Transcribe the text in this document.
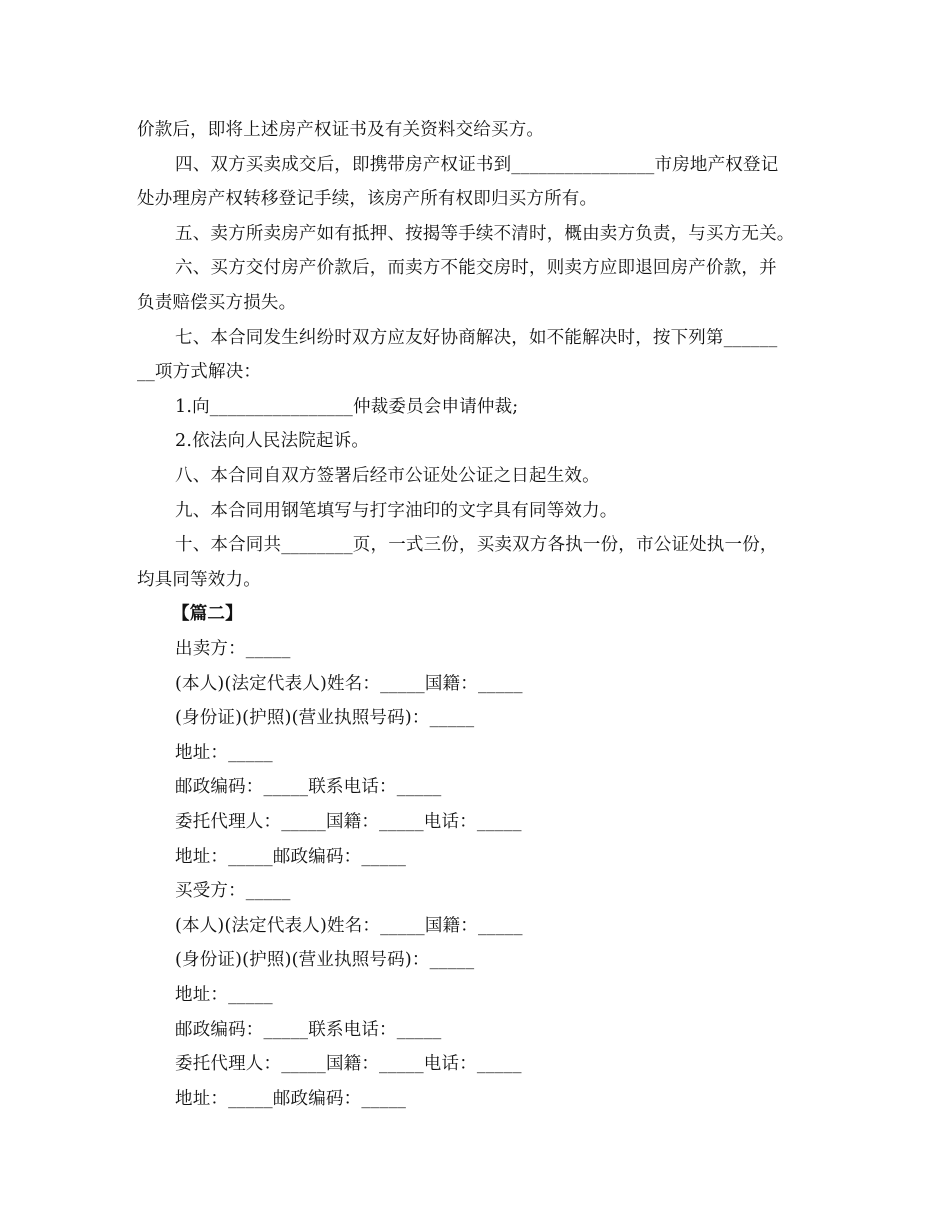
价款后，即将上述房产权证书及有关资料交给买方。
四、双方买卖成交后，即携带房产权证书到________________市房地产权登记
处办理房产权转移登记手续，该房产所有权即归买方所有。
五、卖方所卖房产如有抵押、按揭等手续不清时，概由卖方负责，与买方无关。
六、买方交付房产价款后，而卖方不能交房时，则卖方应即退回房产价款，并
负责赔偿买方损失。
七、本合同发生纠纷时双方应友好协商解决，如不能解决时，按下列第______
__项方式解决：
1.向________________仲裁委员会申请仲裁;
2.依法向人民法院起诉。
八、本合同自双方签署后经市公证处公证之日起生效。
九、本合同用钢笔填写与打字油印的文字具有同等效力。
十、本合同共________页，一式三份，买卖双方各执一份，市公证处执一份，
均具同等效力。
【篇二】
出卖方：_____
(本人)(法定代表人)姓名：_____国籍：_____
(身份证)(护照)(营业执照号码)：_____
地址：_____
邮政编码：_____联系电话：_____
委托代理人：_____国籍：_____电话：_____
地址：_____邮政编码：_____
买受方：_____
(本人)(法定代表人)姓名：_____国籍：_____
(身份证)(护照)(营业执照号码)：_____
地址：_____
邮政编码：_____联系电话：_____
委托代理人：_____国籍：_____电话：_____
地址：_____邮政编码：_____
